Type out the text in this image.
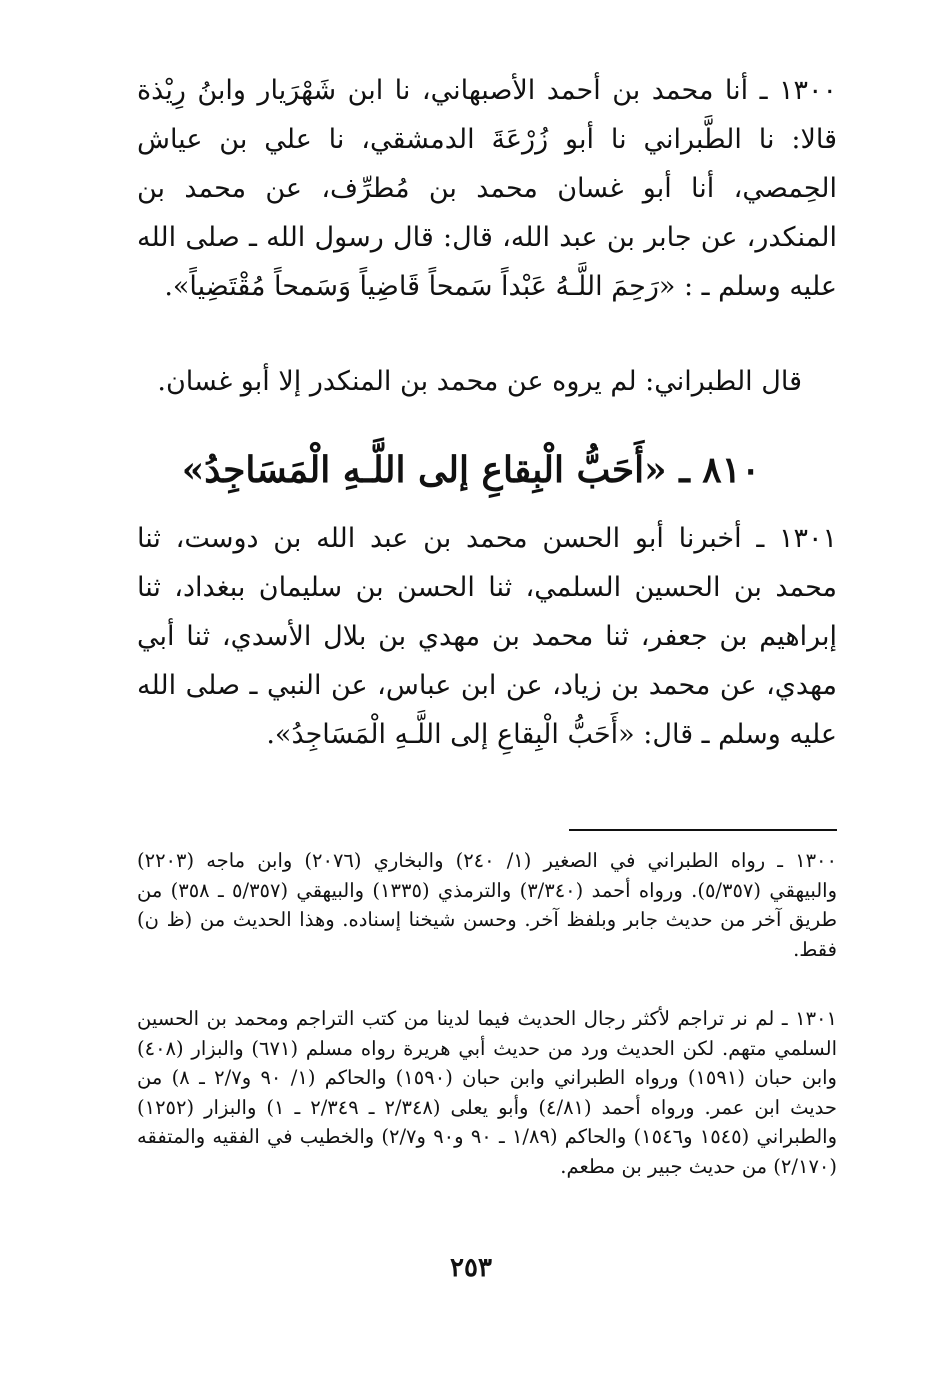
١٣٠٠ ـ أنا محمد بن أحمد الأصبهاني، نا ابن شَهْرَيار وابنُ رِيْذة قالا: نا الطَّبراني نا أبو زُرْعَةَ الدمشقي، نا علي بن عياش الحِمصي، أنا أبو غسان محمد بن مُطرِّف، عن محمد بن المنكدر، عن جابر بن عبد الله، قال: قال رسول الله ـ صلى الله عليه وسلم ـ : «رَحِمَ اللَّـهُ عَبْداً سَمحاً قَاضِياً وَسَمحاً مُقْتَضِياً».

قال الطبراني: لم يروه عن محمد بن المنكدر إلا أبو غسان.

٨١٠ ـ «أَحَبُّ الْبِقاعِ إلى اللَّـهِ الْمَسَاجِدُ»

١٣٠١ ـ أخبرنا أبو الحسن محمد بن عبد الله بن دوست، ثنا محمد بن الحسين السلمي، ثنا الحسن بن سليمان ببغداد، ثنا إبراهيم بن جعفر، ثنا محمد بن مهدي بن بلال الأسدي، ثنا أبي مهدي، عن محمد بن زياد، عن ابن عباس، عن النبي ـ صلى الله عليه وسلم ـ قال: «أَحَبُّ الْبِقاعِ إلى اللَّـهِ الْمَسَاجِدُ».

١٣٠٠ ـ رواه الطبراني في الصغير (١/ ٢٤٠) والبخاري (٢٠٧٦) وابن ماجه (٢٢٠٣) والبيهقي (٥/٣٥٧). ورواه أحمد (٣/٣٤٠) والترمذي (١٣٣٥) والبيهقي (٥/٣٥٧ ـ ٣٥٨) من طريق آخر من حديث جابر وبلفظ آخر. وحسن شيخنا إسناده. وهذا الحديث من (ظ ن) فقط.

١٣٠١ ـ لم نر تراجم لأكثر رجال الحديث فيما لدينا من كتب التراجم ومحمد بن الحسين السلمي متهم. لكن الحديث ورد من حديث أبي هريرة رواه مسلم (٦٧١) والبزار (٤٠٨) وابن حبان (١٥٩١) ورواه الطبراني وابن حبان (١٥٩٠) والحاكم (١/ ٩٠ و٢/٧ ـ ٨) من حديث ابن عمر. ورواه أحمد (٤/٨١) وأبو يعلى (٢/٣٤٨ ـ ٢/٣٤٩ ـ ١) والبزار (١٢٥٢) والطبراني (١٥٤٥ و١٥٤٦) والحاكم (١/٨٩ ـ ٩٠ و٩٠ و٢/٧) والخطيب في الفقيه والمتفقه (٢/١٧٠) من حديث جبير بن مطعم.

٢٥٣
